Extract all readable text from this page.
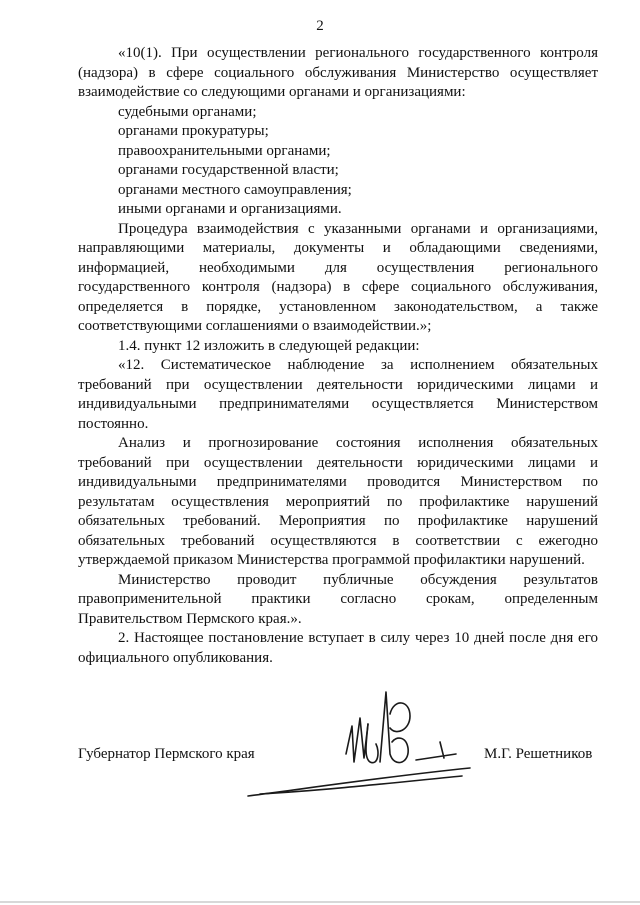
2

«10(1). При осуществлении регионального государственного контроля (надзора) в сфере социального обслуживания Министерство осуществляет взаимодействие со следующими органами и организациями:

судебными органами;

органами прокуратуры;

правоохранительными органами;

органами государственной власти;

органами местного самоуправления;

иными органами и организациями.

Процедура взаимодействия с указанными органами и организациями, направляющими материалы, документы и обладающими сведениями, информацией, необходимыми для осуществления регионального государственного контроля (надзора) в сфере социального обслуживания, определяется в порядке, установленном законодательством, а также соответствующими соглашениями о взаимодействии.»;

1.4. пункт 12 изложить в следующей редакции:

«12. Систематическое наблюдение за исполнением обязательных требований при осуществлении деятельности юридическими лицами и индивидуальными предпринимателями осуществляется Министерством постоянно.

Анализ и прогнозирование состояния исполнения обязательных требований при осуществлении деятельности юридическими лицами и индивидуальными предпринимателями проводится Министерством по результатам осуществления мероприятий по профилактике нарушений обязательных требований. Мероприятия по профилактике нарушений обязательных требований осуществляются в соответствии с ежегодно утверждаемой приказом Министерства программой профилактики нарушений.

Министерство проводит публичные обсуждения результатов правоприменительной практики согласно срокам, определенным Правительством Пермского края.».

2. Настоящее постановление вступает в силу через 10 дней после дня его официального опубликования.

Губернатор Пермского края	М.Г. Решетников
